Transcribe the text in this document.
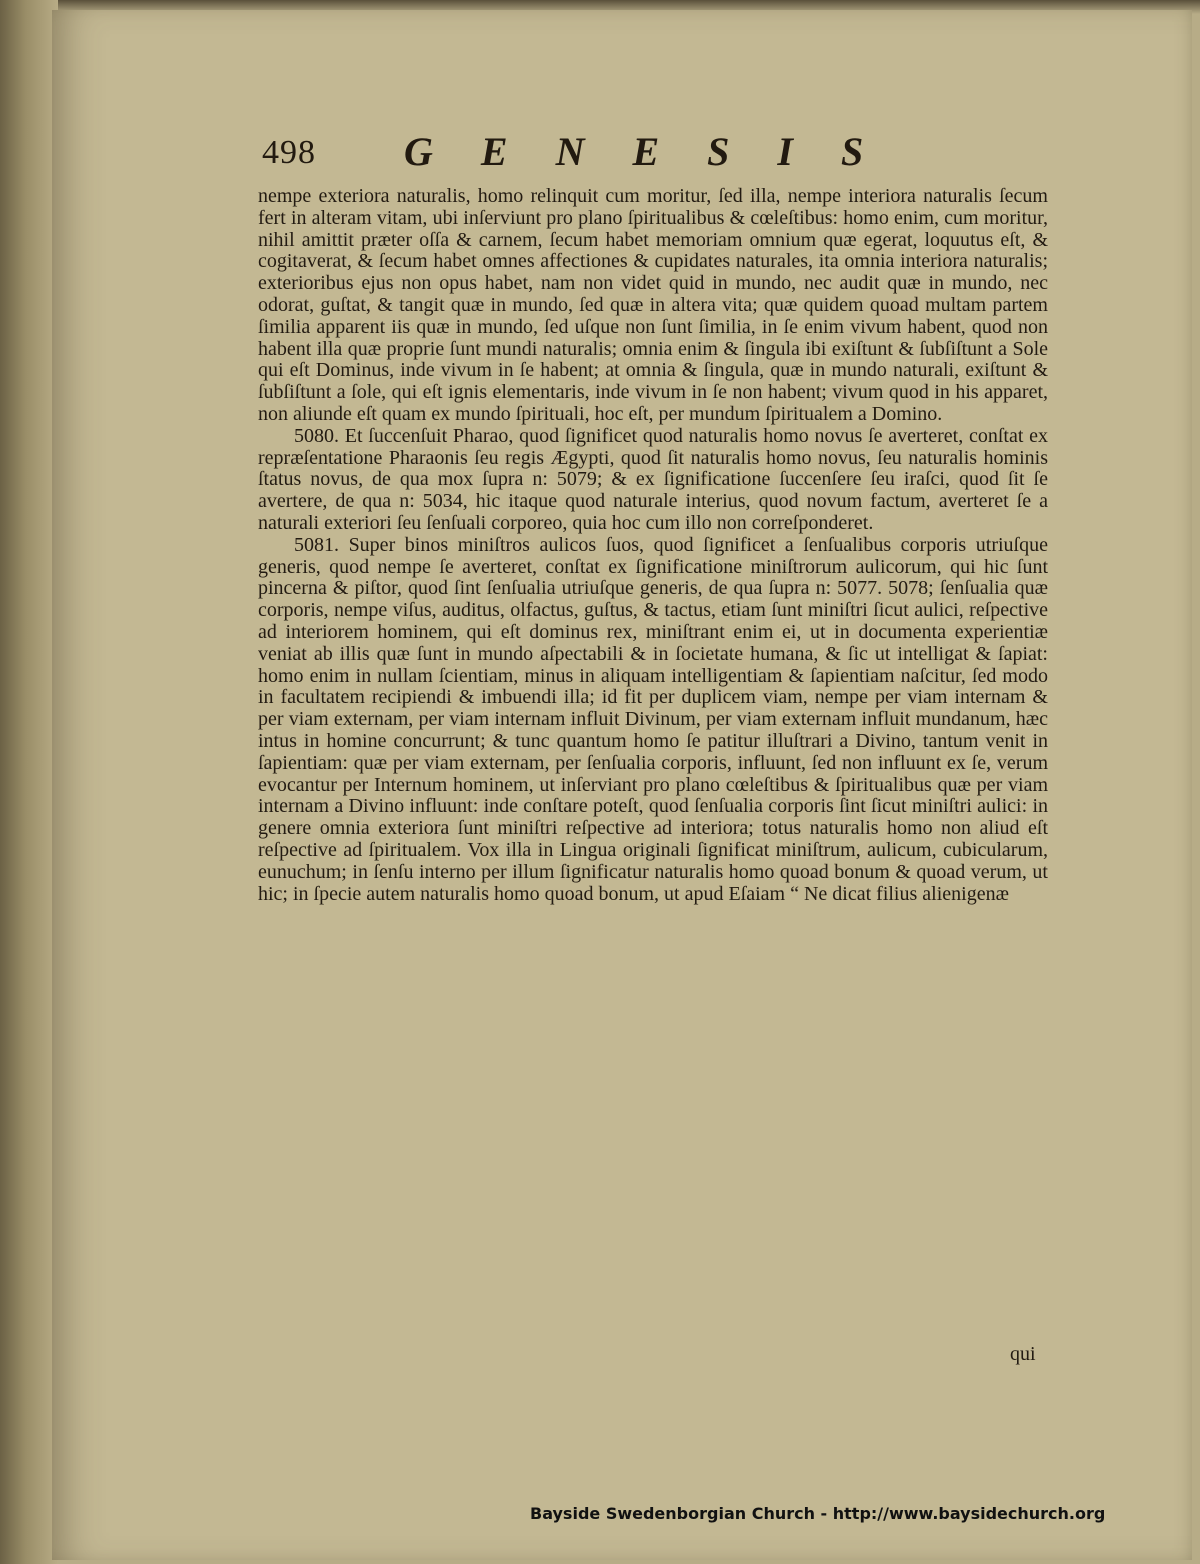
498 GENESIS

nempe exteriora naturalis, homo relinquit cum moritur, ſed illa, nempe interiora naturalis ſecum fert in alteram vitam, ubi inſerviunt pro plano ſpiritualibus & cœleſtibus: homo enim, cum moritur, nihil amittit præter oſſa & carnem, ſecum habet memoriam omnium quæ egerat, loquutus eſt, & cogitaverat, & ſecum habet omnes affectiones & cupidates naturales, ita omnia interiora naturalis; exterioribus ejus non opus habet, nam non videt quid in mundo, nec audit quæ in mundo, nec odorat, guſtat, & tangit quæ in mundo, ſed quæ in altera vita; quæ quidem quoad multam partem ſimilia apparent iis quæ in mundo, ſed uſque non ſunt ſimilia, in ſe enim vivum habent, quod non habent illa quæ proprie ſunt mundi naturalis; omnia enim & ſingula ibi exiſtunt & ſubſiſtunt a Sole qui eſt Dominus, inde vivum in ſe habent; at omnia & ſingula, quæ in mundo naturali, exiſtunt & ſubſiſtunt a ſole, qui eſt ignis elementaris, inde vivum in ſe non habent; vivum quod in his apparet, non aliunde eſt quam ex mundo ſpirituali, hoc eſt, per mundum ſpiritualem a Domino.

5080. Et ſuccenſuit Pharao, quod ſignificet quod naturalis homo novus ſe averteret, conſtat ex repræſentatione Pharaonis ſeu regis Ægypti, quod ſit naturalis homo novus, ſeu naturalis hominis ſtatus novus, de qua mox ſupra n: 5079; & ex ſignificatione ſuccenſere ſeu iraſci, quod ſit ſe avertere, de qua n: 5034, hic itaque quod naturale interius, quod novum factum, averteret ſe a naturali exteriori ſeu ſenſuali corporeo, quia hoc cum illo non correſponderet.

5081. Super binos miniſtros aulicos ſuos, quod ſignificet a ſenſualibus corporis utriuſque generis, quod nempe ſe averteret, conſtat ex ſignificatione miniſtrorum aulicorum, qui hic ſunt pincerna & piſtor, quod ſint ſenſualia utriuſque generis, de qua ſupra n: 5077. 5078; ſenſualia quæ corporis, nempe viſus, auditus, olfactus, guſtus, & tactus, etiam ſunt miniſtri ſicut aulici, reſpective ad interiorem hominem, qui eſt dominus rex, miniſtrant enim ei, ut in documenta experientiæ veniat ab illis quæ ſunt in mundo aſpectabili & in ſocietate humana, & ſic ut intelligat & ſapiat: homo enim in nullam ſcientiam, minus in aliquam intelligentiam & ſapientiam naſcitur, ſed modo in facultatem recipiendi & imbuendi illa; id fit per duplicem viam, nempe per viam internam & per viam externam, per viam internam influit Divinum, per viam externam influit mundanum, hæc intus in homine concurrunt; & tunc quantum homo ſe patitur illuſtrari a Divino, tantum venit in ſapientiam: quæ per viam externam, per ſenſualia corporis, influunt, ſed non influunt ex ſe, verum evocantur per Internum hominem, ut inſerviant pro plano cœleſtibus & ſpiritualibus quæ per viam internam a Divino influunt: inde conſtare poteſt, quod ſenſualia corporis ſint ſicut miniſtri aulici: in genere omnia exteriora ſunt miniſtri reſpective ad interiora; totus naturalis homo non aliud eſt reſpective ad ſpiritualem. Vox illa in Lingua originali ſignificat miniſtrum, aulicum, cubicularum, eunuchum; in ſenſu interno per illum ſignificatur naturalis homo quoad bonum & quoad verum, ut hic; in ſpecie autem naturalis homo quoad bonum, ut apud Eſaiam “ Ne dicat filius alienigenæ

qui
Bayside Swedenborgian Church - http://www.baysidechurch.org
